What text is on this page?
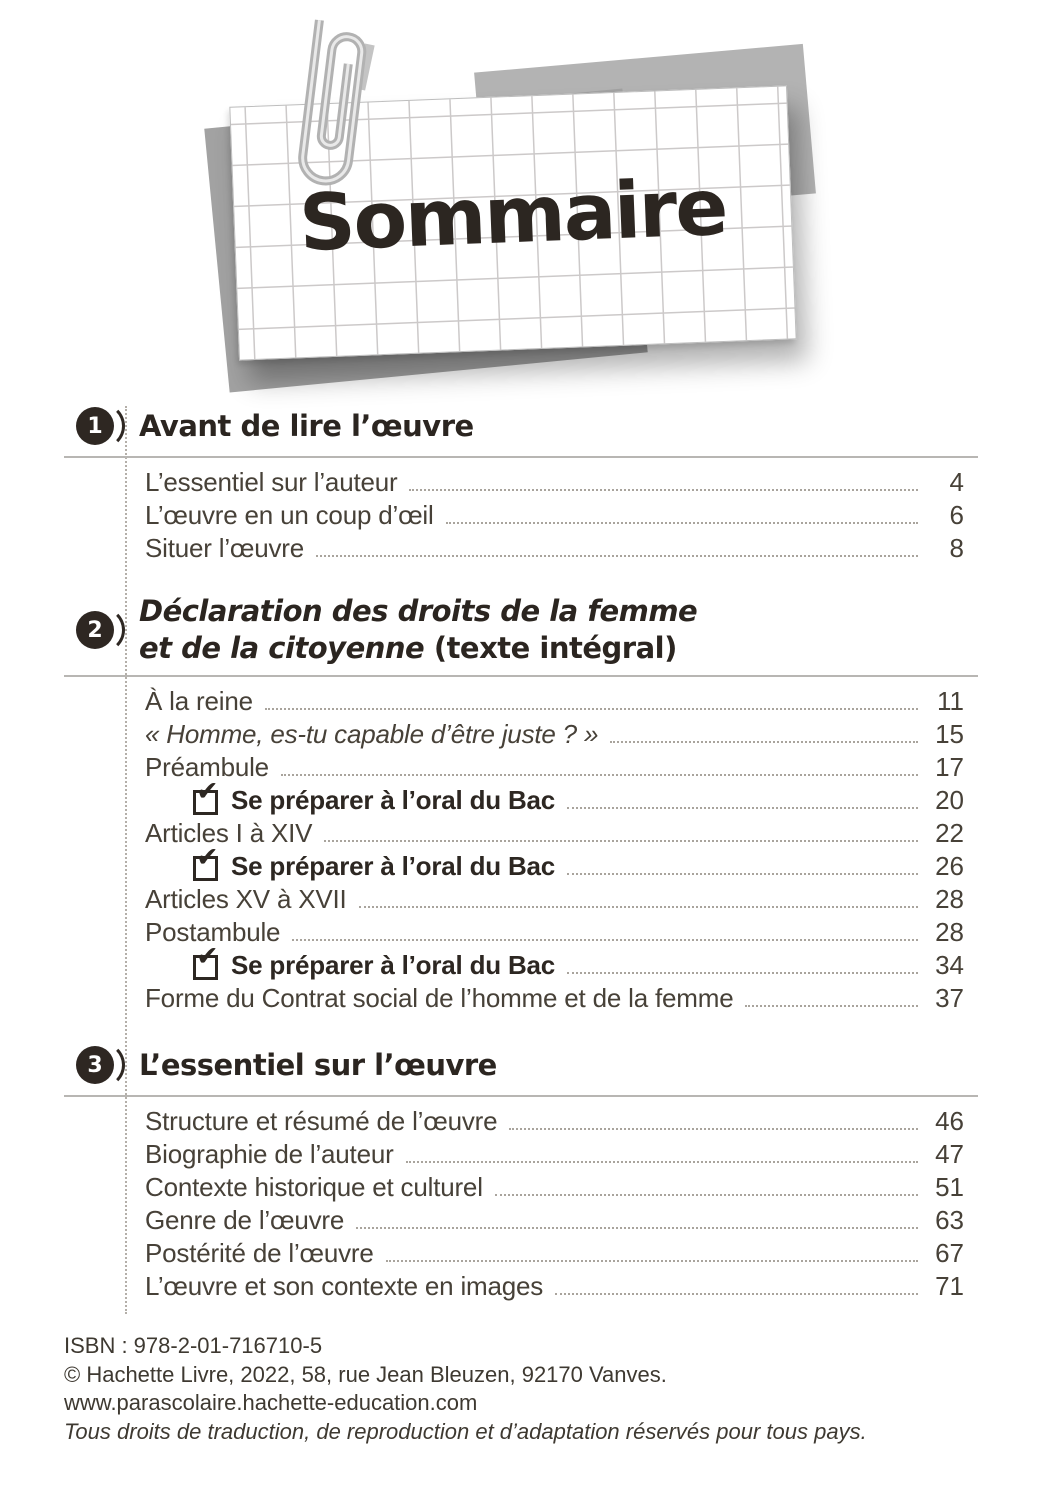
Sommaire
1	Avant de lire l’œuvre
L’essentiel sur l’auteur	4
L’œuvre en un coup d’œil	6
Situer l’œuvre	8
2
Déclaration des droits de la femme
et de la citoyenne (texte intégral)
À la reine	11
« Homme, es-tu capable d’être juste ? »	15
Préambule	17
✔ Se préparer à l’oral du Bac	20
Articles I à XIV	22
✔ Se préparer à l’oral du Bac	26
Articles XV à XVII	28
Postambule	28
✔ Se préparer à l’oral du Bac	34
Forme du Contrat social de l’homme et de la femme	37
3	L’essentiel sur l’œuvre
Structure et résumé de l’œuvre	46
Biographie de l’auteur	47
Contexte historique et culturel	51
Genre de l’œuvre	63
Postérité de l’œuvre	67
L’œuvre et son contexte en images	71
ISBN : 978-2-01-716710-5
© Hachette Livre, 2022, 58, rue Jean Bleuzen, 92170 Vanves.
www.parascolaire.hachette-education.com
Tous droits de traduction, de reproduction et d’adaptation réservés pour tous pays.
